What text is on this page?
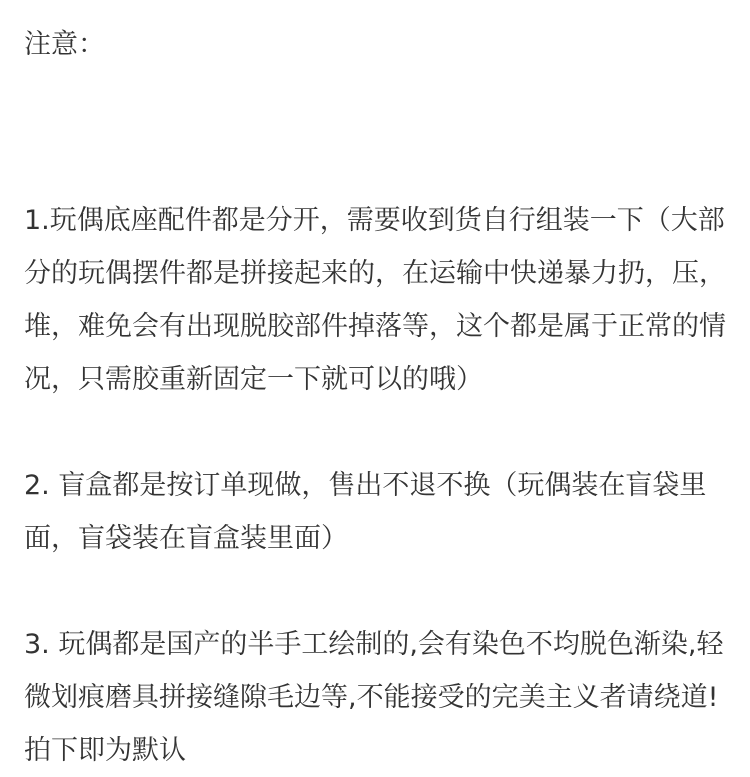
注意：

1.玩偶底座配件都是分开，需要收到货自行组装一下（大部分的玩偶摆件都是拼接起来的，在运输中快递暴力扔，压，堆，难免会有出现脱胶部件掉落等，这个都是属于正常的情况，只需胶重新固定一下就可以的哦）

2. 盲盒都是按订单现做，售出不退不换（玩偶装在盲袋里面，盲袋装在盲盒装里面）

3. 玩偶都是国产的半手工绘制的,会有染色不均脱色渐染,轻微划痕磨具拼接缝隙毛边等,不能接受的完美主义者请绕道!拍下即为默认
